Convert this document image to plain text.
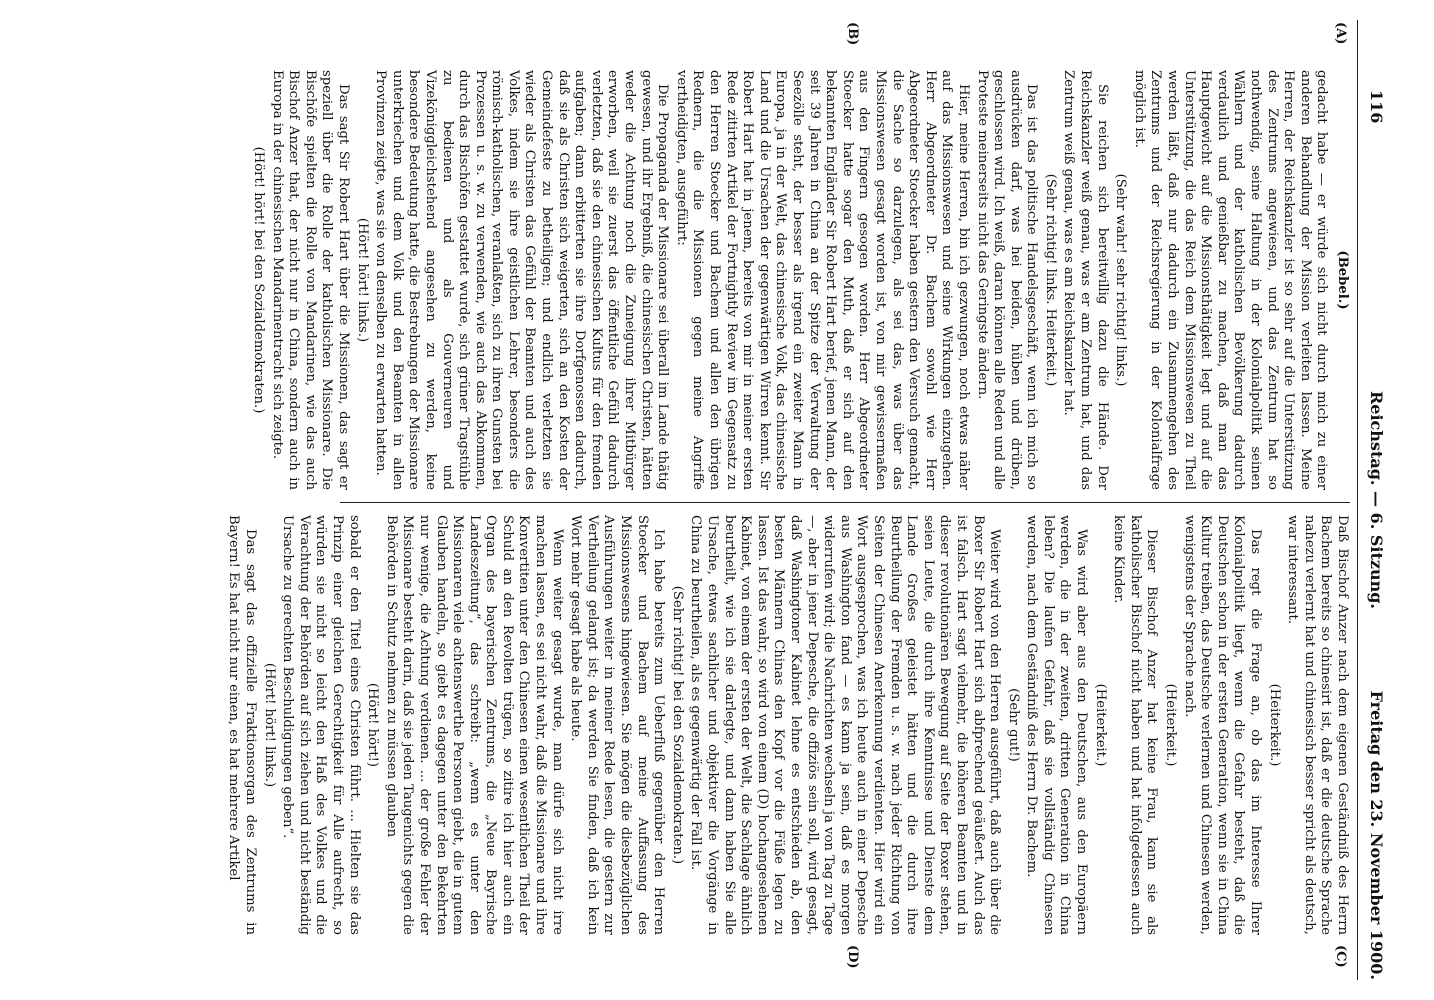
116
Reichstag. — 6. Sitzung.
Freitag den 23. November 1900.
(A)
(B)
(C)
(D)

(Bebel.)

gedacht habe — er würde sich nicht durch mich zu einer anderen Behandlung der Mission verleiten lassen. Meine Herren, der Reichskanzler ist so sehr auf die Unterstützung des Zentrums angewiesen, und das Zentrum hat so nothwendig, seine Haltung in der Kolonialpolitik seinen Wählern und der katholischen Bevölkerung dadurch verdaulich und genießbar zu machen, daß man das Hauptgewicht auf die Missionsthätigkeit legt und auf die Unterstützung, die das Reich dem Missionswesen zu Theil werden läßt, daß nur dadurch ein Zusammengehen des Zentrums und der Reichsregierung in der Kolonialfrage möglich ist.

(Sehr wahr! sehr richtig! links.)

Sie reichen sich bereitwillig dazu die Hände. Der Reichskanzler weiß genau, was er am Zentrum hat, und das Zentrum weiß genau, was es am Reichskanzler hat.

(Sehr richtig! links. Heiterkeit.)

Das ist das politische Handelsgeschäft, wenn ich mich so ausdrücken darf, was hei beiden, hüben und drüben, geschlossen wird. Ich weiß, daran können alle Reden und alle Proteste meinerseits nicht das Geringste ändern.

Hier, meine Herren, bin ich gezwungen, noch etwas näher auf das Missionswesen und seine Wirkungen einzugehen. Herr Abgeordneter Dr. Bachem sowohl wie Herr Abgeordneter Stoecker haben gestern den Versuch gemacht, die Sache so darzulegen, als sei das, was über das Missionswesen gesagt worden ist, von mir gewissermaßen aus den Fingern gesogen worden. Herr Abgeordneter Stoecker hatte sogar den Muth, daß er sich auf den bekannten Engländer Sir Robert Hart berief, jenen Mann, der seit 39 Jahren in China an der Spitze der Verwaltung der Seezölle steht, der besser als irgend ein zweiter Mann in Europa, ja in der Welt, das chinesische Volk, das chinesische Land und die Ursachen der gegenwärtigen Wirren kennt. Sir Robert Hart hat in jenem, bereits von mir in meiner ersten Rede zitirten Artikel der Fortnightly Review im Gegensatz zu den Herren Stoecker und Bachem und allen den übrigen Rednern, die die Missionen gegen meine Angriffe vertheidigten, ausgeführt:

Die Propaganda der Missionare sei überall im Lande thätig gewesen, und ihr Ergebniß, die chinesischen Christen, hätten weder die Achtung noch die Zuneigung ihrer Mitbürger erworben, weil sie zuerst das öffentliche Gefühl dadurch verletzten, daß sie den chinesischen Kultus für den fremden aufgaben; dann erbitterten sie ihre Dorfgenossen dadurch, daß sie als Christen sich weigerten, sich an den Kosten der Gemeindefeste zu betheiligen; und endlich verletzten sie wieder als Christen das Gefühl der Beamten und auch des Volkes, indem sie ihre geistlichen Lehrer, besonders die römisch-katholischen, veranlaßten, sich zu ihren Gunsten bei Prozessen u. s. w. zu verwenden, wie auch das Abkommen, durch das Bischöfen gestattet wurde, sich grüner Tragstühle zu bedienen und als Gouverneuren und Vizeköniggleichstehend angesehen zu werden, keine besondere Bedeutung hatte, die Bestrebungen der Missionare unterkriechen und dem Volk und den Beamten in allen Provinzen zeigte, was sie von denselben zu erwarten hatten.

(Hört! hört! links.)

Das sagt Sir Robert Hart über die Missionen, das sagt er speziell über die Rolle der katholischen Missionare. Die Bischöfe spielten die Rolle von Mandarinen, wie das auch Bischof Anzer that, der nicht nur in China, sondern auch in Europa in der chinesischen Mandarinentracht sich zeigte.

(Hört! hört! bei den Sozialdemokraten.)

Daß Bischof Anzer nach dem eigenen Geständniß des Herrn Bachem bereits so chinesirt ist, daß er die deutsche Sprache nahezu verlernt hat und chinesisch besser spricht als deutsch, war interessant.

(Heiterkeit.)

Das regt die Frage an, ob das im Interesse Ihrer Kolonialpolitik liegt, wenn die Gefahr besteht, daß die Deutschen schon in der ersten Generation, wenn sie in China Kultur treiben, das Deutsche verlernen und Chinesen werden, wenigstens der Sprache nach.

(Heiterkeit.)

Dieser Bischof Anzer hat keine Frau, kann sie als katholischer Bischof nicht haben und hat infolgedessen auch keine Kinder.

(Heiterkeit.)

Was wird aber aus den Deutschen, aus den Europäern werden, die in der zweiten, dritten Generation in China leben? Die laufen Gefahr, daß sie vollständig Chinesen werden, nach dem Geständniß des Herrn Dr. Bachem.

(Sehr gut!)

Weiter wird von den Herren ausgeführt, daß auch über die Boxer Sir Robert Hart sich abfprechend geäußert. Auch das ist falsch. Hart sagt vielmehr, die höheren Beamten und in dieser revolutionären Bewegung auf Seite der Boxer stehen, seien Leute, die durch ihre Kenntnisse und Dienste dem Lande Großes geleistet hätten und die durch ihre Beurtheilung der Fremden u. s. w. nach jeder Richtung von Seiten der Chinesen Anerkennung verdienten. Hier wird ein Wort ausgesprochen, was ich heute auch in einer Depesche aus Washington fand — es kann ja sein, daß es morgen widerrufen wird; die Nachrichten wechseln ja von Tag zu Tage —, aber in jener Depesche, die offiziös sein soll, wird gesagt, daß Washingtoner Kabinet lehne es entschieden ab, den besten Männern Chinas den Kopf vor die Füße legen zu lassen. Ist das wahr, so wird von einem (D) hochangesehenen Kabinet, von einem der ersten der Welt, die Sachlage ähnlich beurtheilt, wie ich sie darlegte, und dann haben Sie alle Ursache, etwas sachlicher und objektiver die Vorgänge in China zu beurtheilen, als es gegenwärtig der Fall ist.

(Sehr richtig! bei den Sozialdemokraten.)

Ich habe bereits zum Ueberfluß gegenüber den Herren Stoecker und Bachem auf meine Auffassung des Missionswesens hingewiesen. Sie mögen die diesbezüglichen Ausführungen weiter in meiner Rede lesen, die gestern zur Vertheilung gelangt ist; da werden Sie finden, daß ich kein Wort mehr gesagt habe als heute.

Wenn weiter gesagt wurde, man dürfe sich nicht irre machen lassen, es sei nicht wahr, daß die Missionare und ihre Konvertiten unter den Chinesen einen wesentlichen Theil der Schuld an den Revolten trügen, so zitire ich hier auch ein Organ des bayerischen Zentrums, die „Neue Bayrische Landeszeitung“, das schreibt: „wenn es unter den Missionaren viele achtenswerthe Personen giebt, die in gutem Glauben handeln, so giebt es dagegen unter den Bekehrten nur wenige, die Achtung verdienen. ... der große Fehler der Missionare besteht darin, daß sie jeden Taugenichts gegen die Behörden in Schutz nehmen zu müssen glauben

(Hört! hört!)

sobald er den Titel eines Christen führt. ... Hielten sie das Prinzip einer gleichen Gerechtigkeit für Alle aufrecht, so würden sie nicht so leicht den Haß des Volkes und die Verachtung der Behörden auf sich ziehen und nicht beständig Ursache zu gerechten Beschuldigungen geben“.

(Hört! hört! links.)

Das sagt das offizielle Fraktionsorgan des Zentrums in Bayern! Es hat nicht nur einen, es hat mehrere Artikel
